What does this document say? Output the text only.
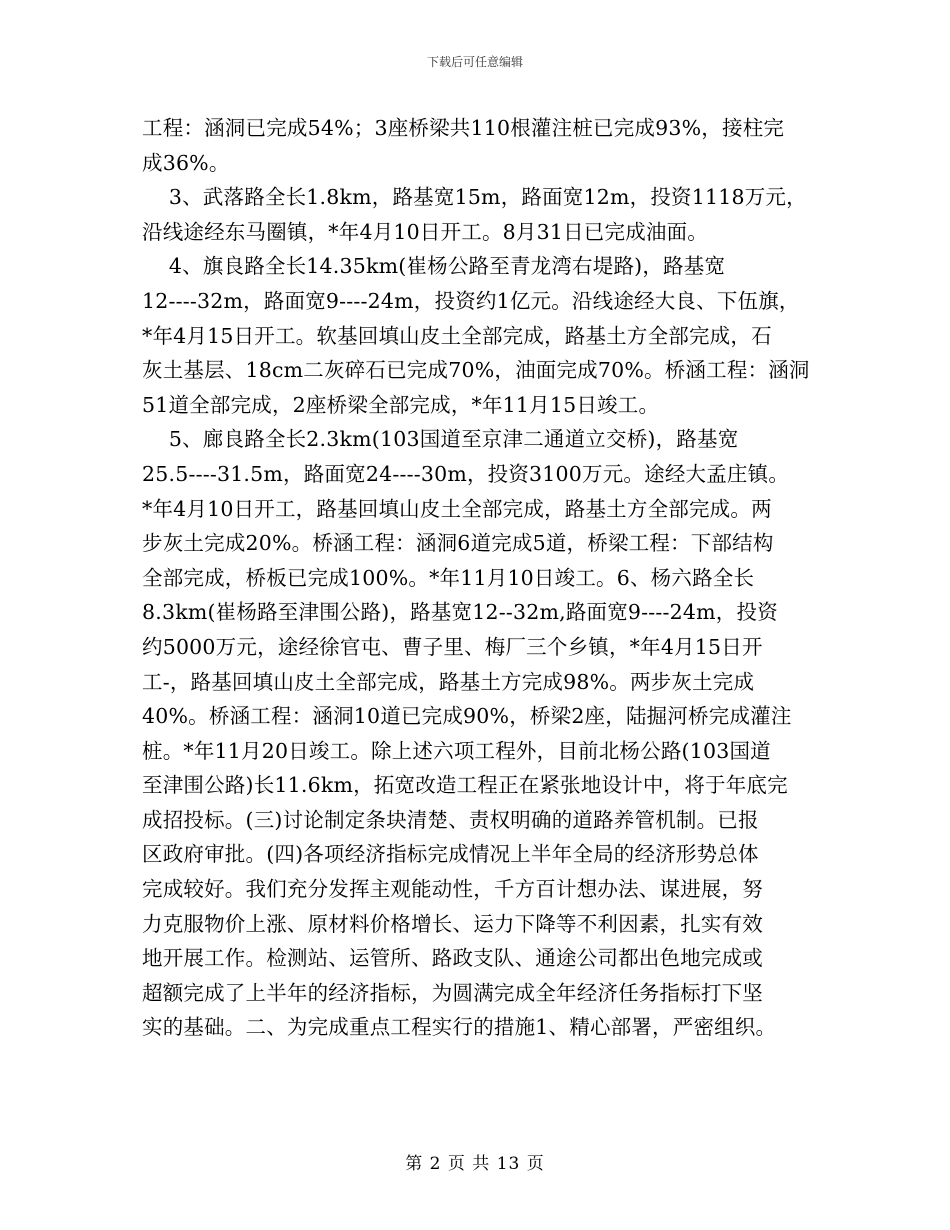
下载后可任意编辑
工程：涵洞已完成54%；3座桥梁共110根灌注桩已完成93%，接柱完
成36%。
3、武落路全长1.8km，路基宽15m，路面宽12m，投资1118万元，
沿线途经东马圈镇，*年4月10日开工。8月31日已完成油面。
4、旗良路全长14.35km(崔杨公路至青龙湾右堤路)，路基宽
12----32m，路面宽9----24m，投资约1亿元。沿线途经大良、下伍旗，
*年4月15日开工。软基回填山皮土全部完成，路基土方全部完成，石
灰土基层、18cm二灰碎石已完成70%，油面完成70%。桥涵工程：涵洞
51道全部完成，2座桥梁全部完成，*年11月15日竣工。
5、廊良路全长2.3km(103国道至京津二通道立交桥)，路基宽
25.5----31.5m，路面宽24----30m，投资3100万元。途经大孟庄镇。
*年4月10日开工，路基回填山皮土全部完成，路基土方全部完成。两
步灰土完成20%。桥涵工程：涵洞6道完成5道，桥梁工程：下部结构
全部完成，桥板已完成100%。*年11月10日竣工。6、杨六路全长
8.3km(崔杨路至津围公路)，路基宽12--32m,路面宽9----24m，投资
约5000万元，途经徐官屯、曹子里、梅厂三个乡镇，*年4月15日开
工-，路基回填山皮土全部完成，路基土方完成98%。两步灰土完成
40%。桥涵工程：涵洞10道已完成90%，桥梁2座，陆掘河桥完成灌注
桩。*年11月20日竣工。除上述六项工程外，目前北杨公路(103国道
至津围公路)长11.6km，拓宽改造工程正在紧张地设计中，将于年底完
成招投标。(三)讨论制定条块清楚、责权明确的道路养管机制。已报
区政府审批。(四)各项经济指标完成情况上半年全局的经济形势总体
完成较好。我们充分发挥主观能动性，千方百计想办法、谋进展，努
力克服物价上涨、原材料价格增长、运力下降等不利因素，扎实有效
地开展工作。检测站、运管所、路政支队、通途公司都出色地完成或
超额完成了上半年的经济指标，为圆满完成全年经济任务指标打下坚
实的基础。二、为完成重点工程实行的措施1、精心部署，严密组织。
第 2 页 共 13 页
